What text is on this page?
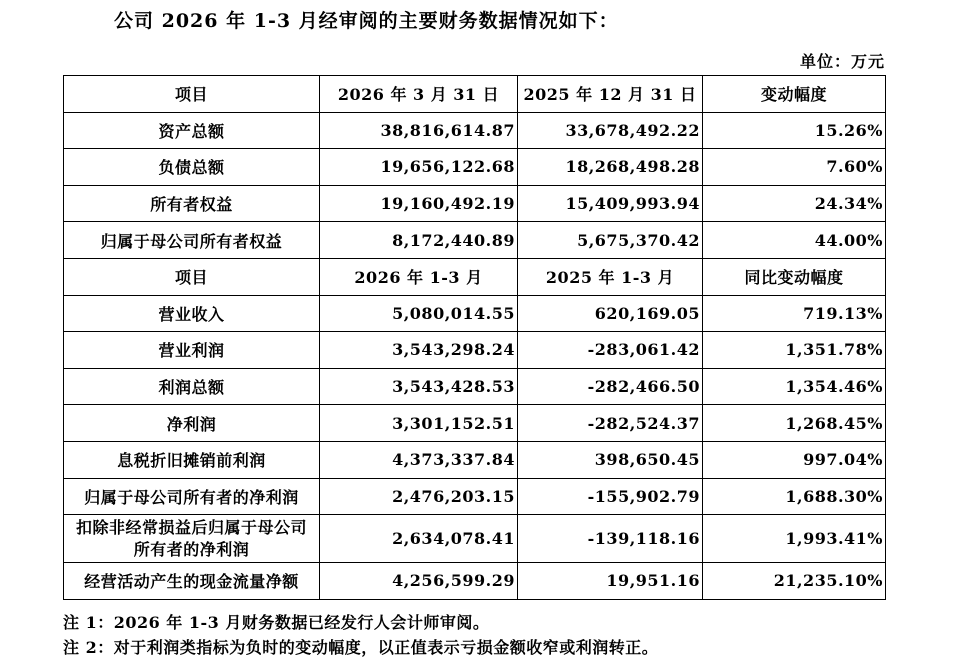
公司 2026 年 1-3 月经审阅的主要财务数据情况如下：
单位：万元
项目	2026 年 3 月 31 日	2025 年 12 月 31 日	变动幅度
资产总额	38,816,614.87	33,678,492.22	15.26%
负债总额	19,656,122.68	18,268,498.28	7.60%
所有者权益	19,160,492.19	15,409,993.94	24.34%
归属于母公司所有者权益	8,172,440.89	5,675,370.42	44.00%
项目	2026 年 1-3 月	2025 年 1-3 月	同比变动幅度
营业收入	5,080,014.55	620,169.05	719.13%
营业利润	3,543,298.24	-283,061.42	1,351.78%
利润总额	3,543,428.53	-282,466.50	1,354.46%
净利润	3,301,152.51	-282,524.37	1,268.45%
息税折旧摊销前利润	4,373,337.84	398,650.45	997.04%
归属于母公司所有者的净利润	2,476,203.15	-155,902.79	1,688.30%

扣除非经常损益后归属于母公司所有者的净利润	2,634,078.41	-139,118.16	1,993.41%
经营活动产生的现金流量净额	4,256,599.29	19,951.16	21,235.10%
注 1：2026 年 1-3 月财务数据已经发行人会计师审阅。
注 2：对于利润类指标为负时的变动幅度，以正值表示亏损金额收窄或利润转正。
